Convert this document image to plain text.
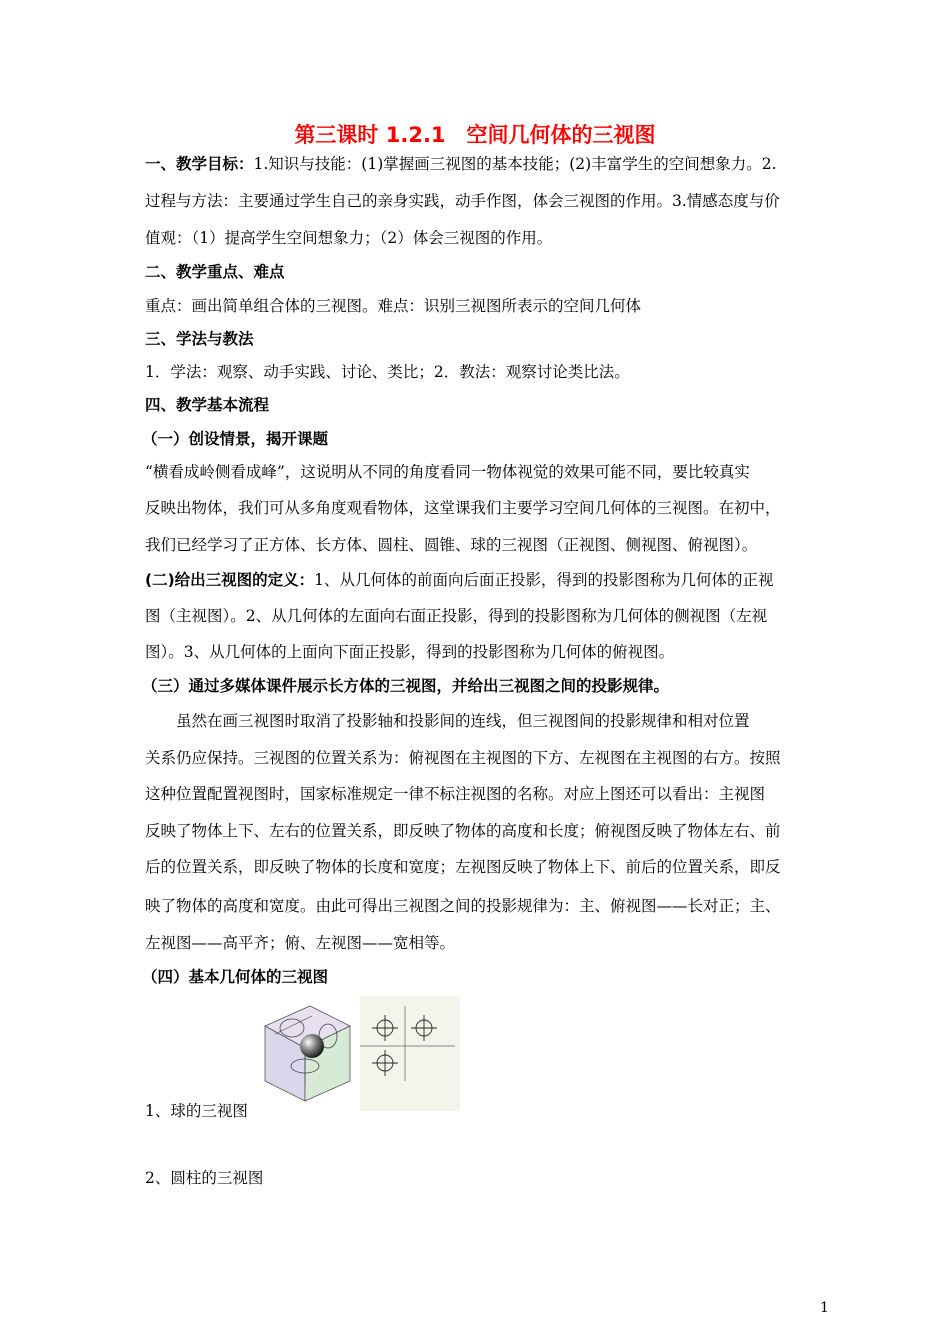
第三课时 1.2.1　空间几何体的三视图
一、教学目标：1.知识与技能：(1)掌握画三视图的基本技能；(2)丰富学生的空间想象力。2.
过程与方法：主要通过学生自己的亲身实践，动手作图，体会三视图的作用。3.情感态度与价
值观：（1）提高学生空间想象力；（2）体会三视图的作用。
二、教学重点、难点
重点：画出简单组合体的三视图。难点：识别三视图所表示的空间几何体
三、学法与教法
1．学法：观察、动手实践、讨论、类比；2．教法：观察讨论类比法。
四、教学基本流程
（一）创设情景，揭开课题
“横看成岭侧看成峰”，这说明从不同的角度看同一物体视觉的效果可能不同，要比较真实
反映出物体，我们可从多角度观看物体，这堂课我们主要学习空间几何体的三视图。在初中，
我们已经学习了正方体、长方体、圆柱、圆锥、球的三视图（正视图、侧视图、俯视图）。
(二)给出三视图的定义：1、从几何体的前面向后面正投影，得到的投影图称为几何体的正视
图（主视图）。2、从几何体的左面向右面正投影，得到的投影图称为几何体的侧视图（左视
图）。3、从几何体的上面向下面正投影，得到的投影图称为几何体的俯视图。
（三）通过多媒体课件展示长方体的三视图，并给出三视图之间的投影规律。
虽然在画三视图时取消了投影轴和投影间的连线，但三视图间的投影规律和相对位置
关系仍应保持。三视图的位置关系为：俯视图在主视图的下方、左视图在主视图的右方。按照
这种位置配置视图时，国家标准规定一律不标注视图的名称。对应上图还可以看出：主视图
反映了物体上下、左右的位置关系，即反映了物体的高度和长度；俯视图反映了物体左右、前
后的位置关系，即反映了物体的长度和宽度；左视图反映了物体上下、前后的位置关系，即反
映了物体的高度和宽度。由此可得出三视图之间的投影规律为：主、俯视图——长对正；主、
左视图——高平齐；俯、左视图——宽相等。
（四）基本几何体的三视图
1、球的三视图
2、圆柱的三视图
1
